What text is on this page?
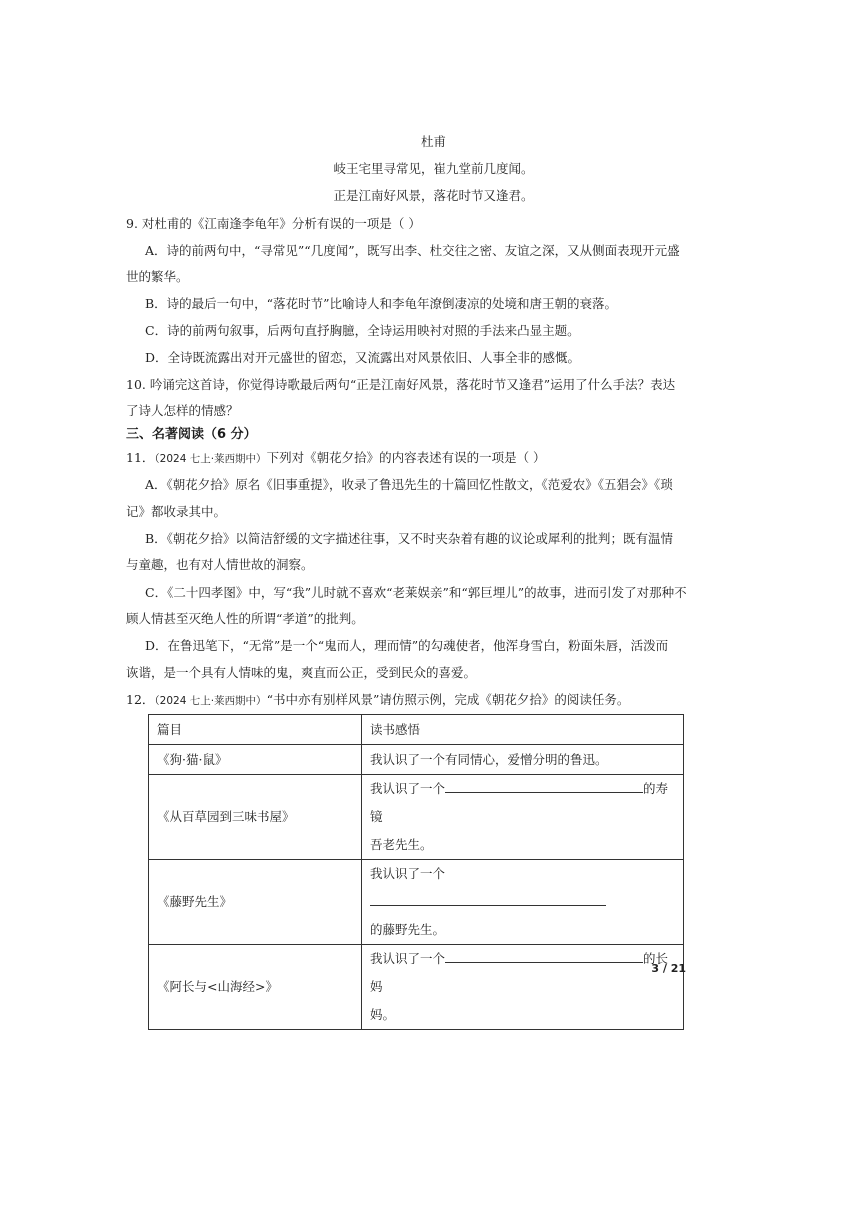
杜甫
岐王宅里寻常见，崔九堂前几度闻。
正是江南好风景，落花时节又逢君。
9. 对杜甫的《江南逢李龟年》分析有误的一项是（ ）
A．诗的前两句中，“寻常见”“几度闻”，既写出李、杜交往之密、友谊之深，又从侧面表现开元盛
世的繁华。
B．诗的最后一句中，“落花时节”比喻诗人和李龟年潦倒凄凉的处境和唐王朝的衰落。
C．诗的前两句叙事，后两句直抒胸臆，全诗运用映衬对照的手法来凸显主题。
D．全诗既流露出对开元盛世的留恋，又流露出对风景依旧、人事全非的感慨。
10. 吟诵完这首诗，你觉得诗歌最后两句“正是江南好风景，落花时节又逢君”运用了什么手法？表达
了诗人怎样的情感？
三、名著阅读（6 分）
11．（2024 七上·莱西期中）下列对《朝花夕拾》的内容表述有误的一项是（ ）
A．《朝花夕拾》原名《旧事重提》，收录了鲁迅先生的十篇回忆性散文，《范爱农》《五猖会》《琐
记》都收录其中。
B．《朝花夕拾》以简洁舒缓的文字描述往事，又不时夹杂着有趣的议论或犀利的批判；既有温情
与童趣，也有对人情世故的洞察。
C．《二十四孝图》中，写“我”儿时就不喜欢“老莱娱亲”和“郭巨埋儿”的故事，进而引发了对那种不
顾人情甚至灭绝人性的所谓“孝道”的批判。
D．在鲁迅笔下，“无常”是一个“鬼而人，理而情”的勾魂使者，他浑身雪白，粉面朱唇，活泼而
诙谐，是一个具有人情味的鬼，爽直而公正，受到民众的喜爱。
12．（2024 七上·莱西期中）“书中亦有别样风景”请仿照示例，完成《朝花夕拾》的阅读任务。
篇目	读书感悟
《狗·猫·鼠》	我认识了一个有同情心，爱憎分明的鲁迅。
《从百草园到三味书屋》	我认识了一个 的寿镜
吾老先生。

《藤野先生》	我认识了一个
的藤野先生。

《阿长与<山海经>》	我认识了一个 的长妈
妈。
3 / 21
